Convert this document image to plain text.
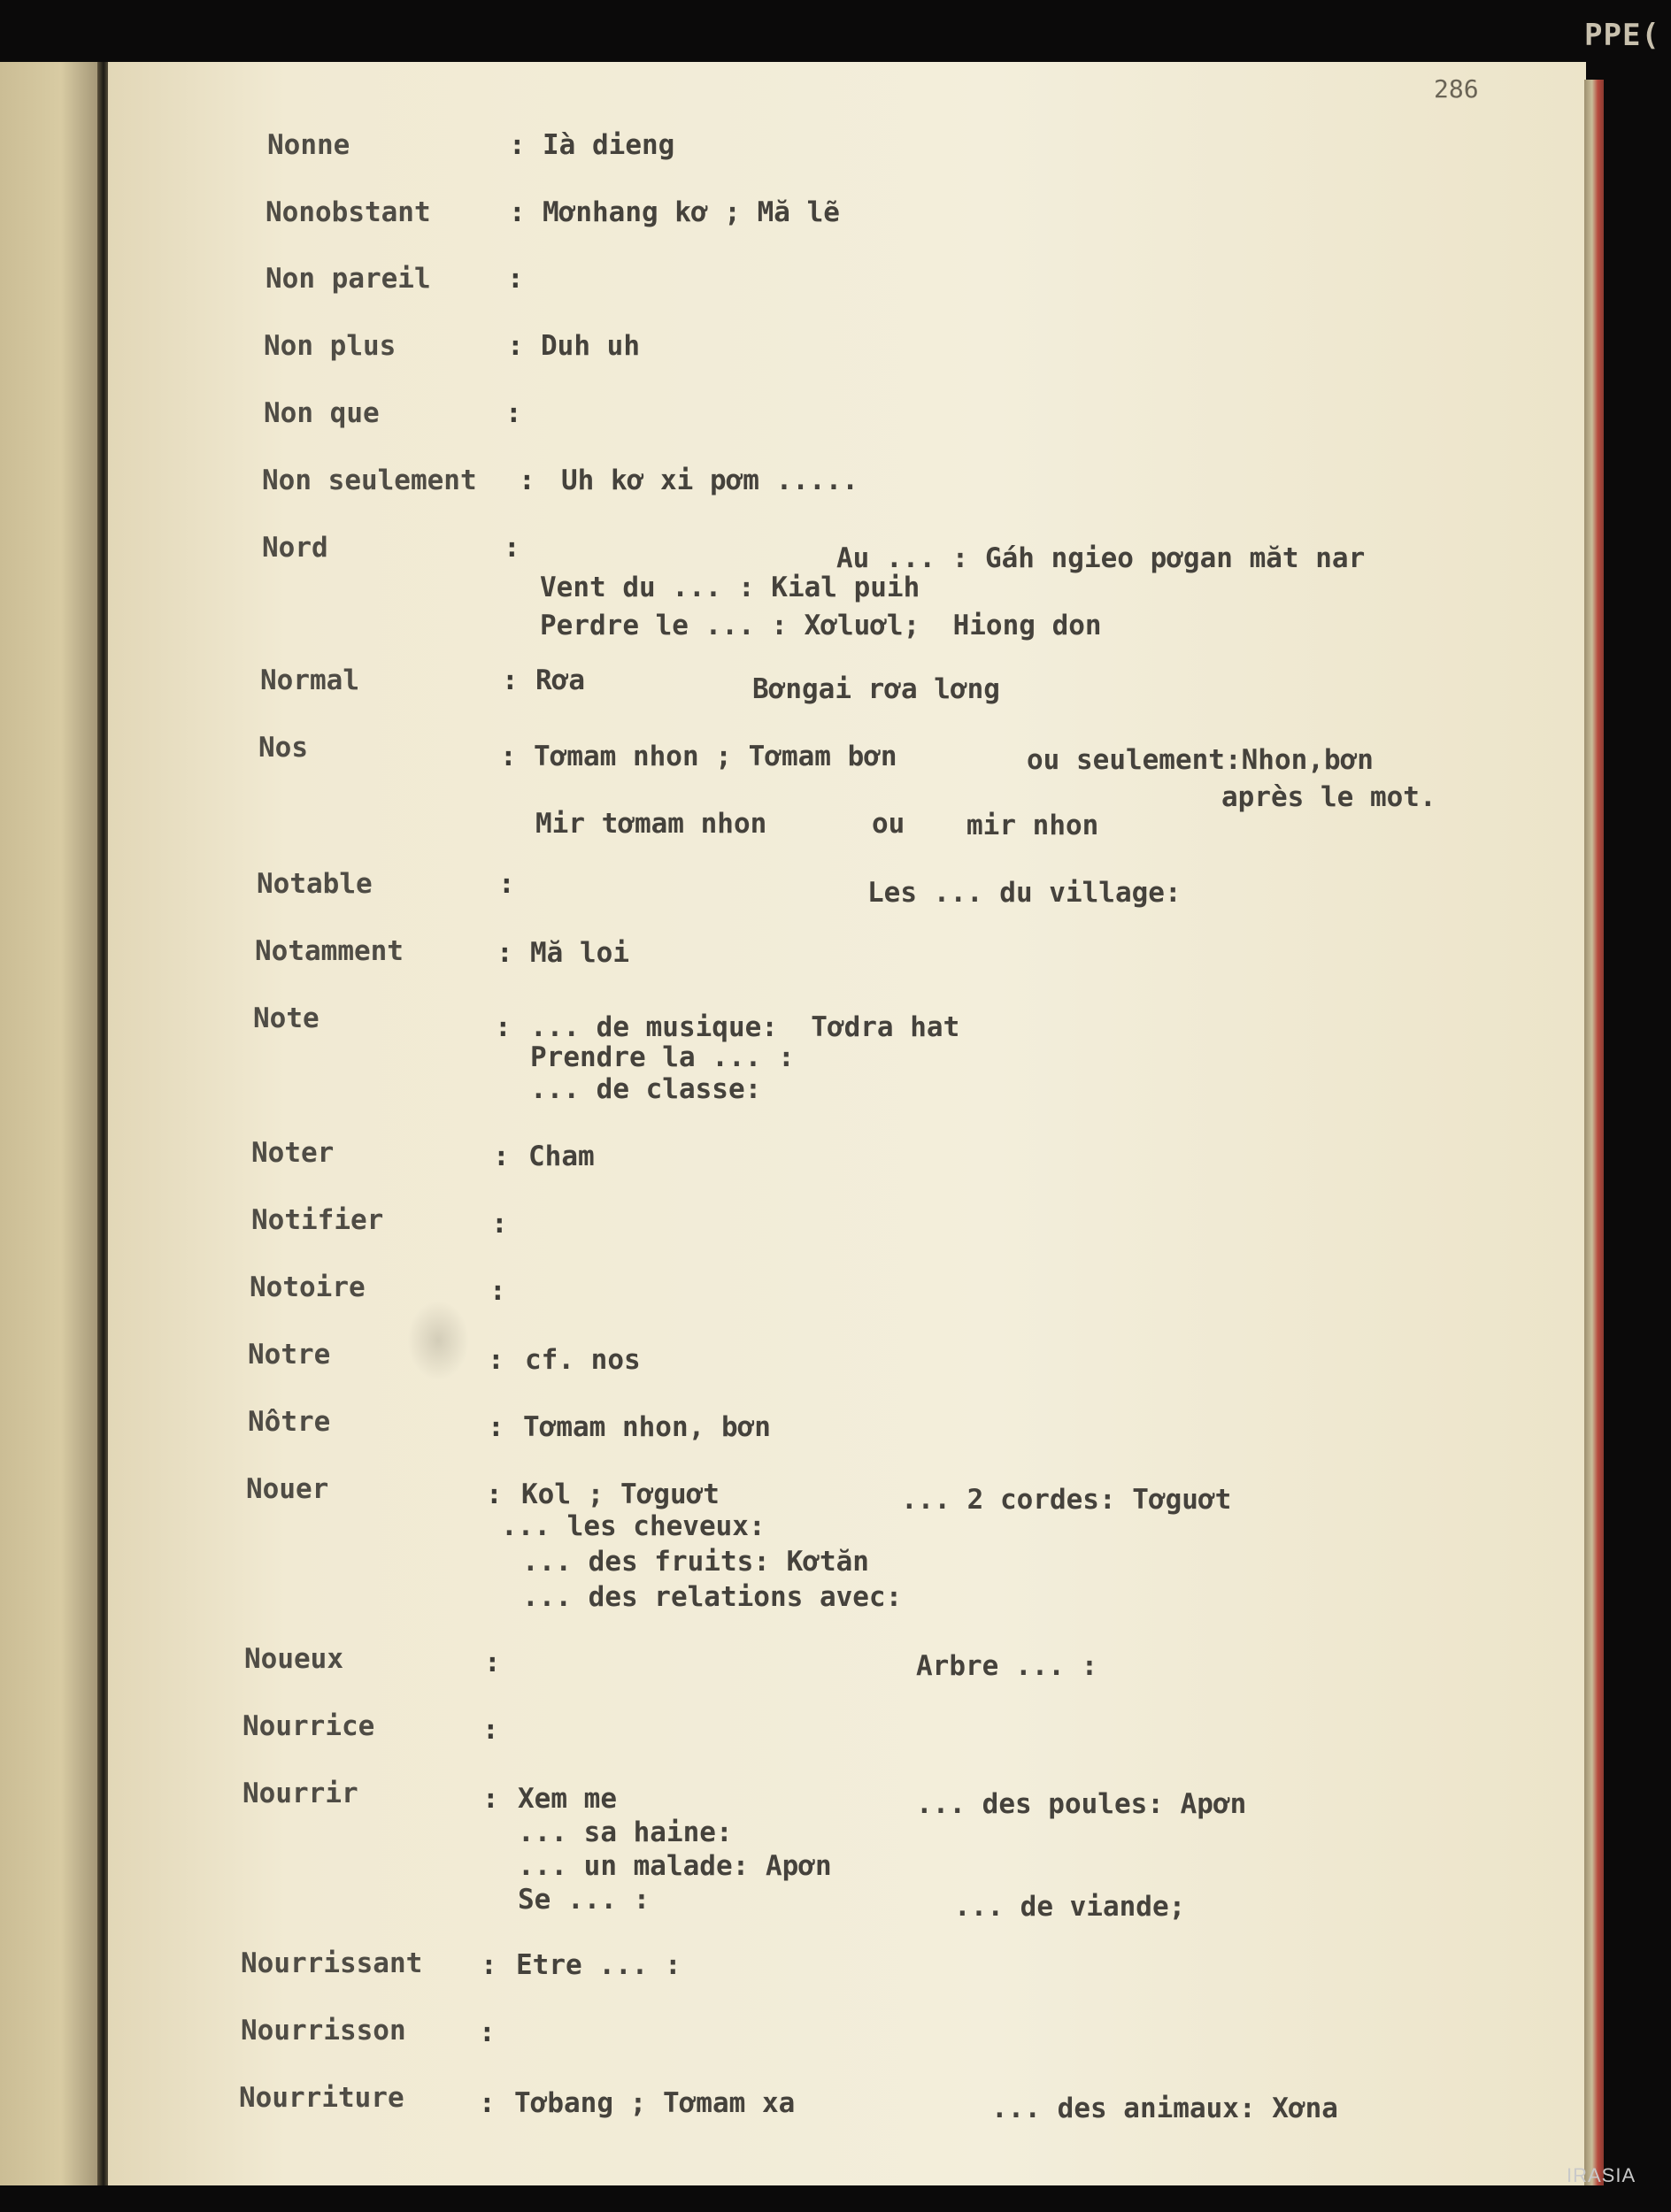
PPE(
286
Nonne	: Ià dieng
Nonobstant	: Mơnhang kơ ; Mă lẽ
Non pareil	:
Non plus	: Duh uh
Non que	:
Non seulement : Uh kơ xi pơm .....
Nord	:	Au ... : Gáh ngieo pơgan măt nar
Vent du ... : Kial puih
Perdre le ... : Xơluơl;  Hiong don
Normal	: Rơa	Bơngai rơa lơng
Nos	: Tơmam nhon ; Tơmam bơn	ou seulement:Nhon,bơn
après le mot.
Mir tơmam nhon	ou mir nhon
Notable	:	Les ... du village:
Notamment	: Mă loi
Note	: ... de musique:  Tơdra hat
Prendre la ... :
... de classe:
Noter	: Cham
Notifier	:
Notoire	:
Notre	: cf. nos
Nôtre	: Tơmam nhon, bơn
Nouer	: Kol ; Tơguơt	... 2 cordes: Tơguơt
... les cheveux:
... des fruits: Kơtăn
... des relations avec:
Noueux	:	Arbre ... :
Nourrice	:
Nourrir	: Xem me	... des poules: Apơn
... sa haine:
... un malade: Apơn
Se ... :	... de viande;
Nourrissant : Etre ... :
Nourrisson	:
Nourriture	: Tơbang ; Tơmam xa	... des animaux: Xơna
IRASIA
